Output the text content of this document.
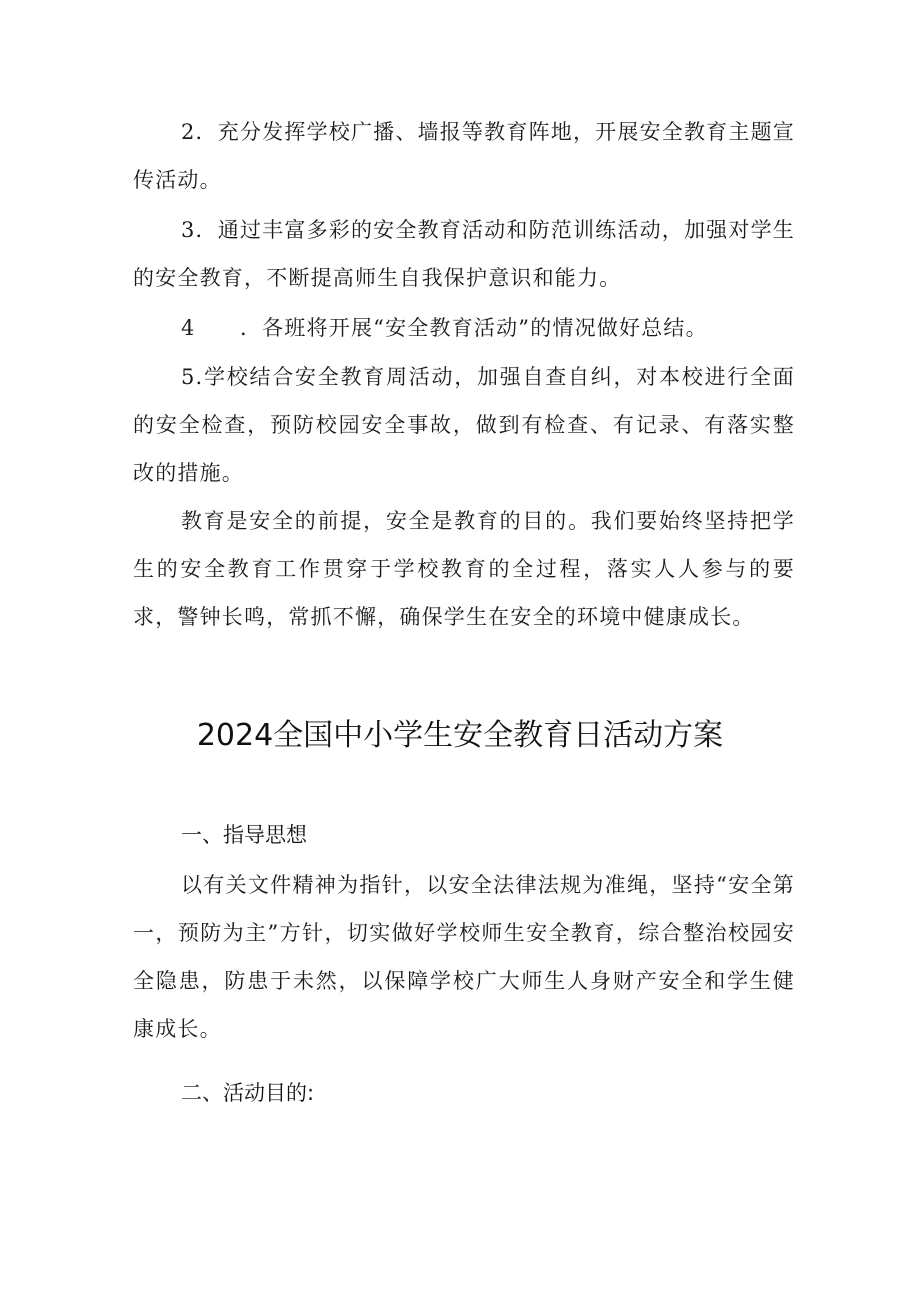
2．充分发挥学校广播、墙报等教育阵地，开展安全教育主题宣传活动。

3．通过丰富多彩的安全教育活动和防范训练活动，加强对学生的安全教育，不断提高师生自我保护意识和能力。

4　　．各班将开展“安全教育活动”的情况做好总结。

5.学校结合安全教育周活动，加强自查自纠，对本校进行全面的安全检查，预防校园安全事故，做到有检查、有记录、有落实整改的措施。

教育是安全的前提，安全是教育的目的。我们要始终坚持把学生的安全教育工作贯穿于学校教育的全过程，落实人人参与的要求，警钟长鸣，常抓不懈，确保学生在安全的环境中健康成长。

2024全国中小学生安全教育日活动方案
一、指导思想

以有关文件精神为指针，以安全法律法规为准绳，坚持“安全第一，预防为主”方针，切实做好学校师生安全教育，综合整治校园安全隐患，防患于未然，以保障学校广大师生人身财产安全和学生健康成长。

二、活动目的:
